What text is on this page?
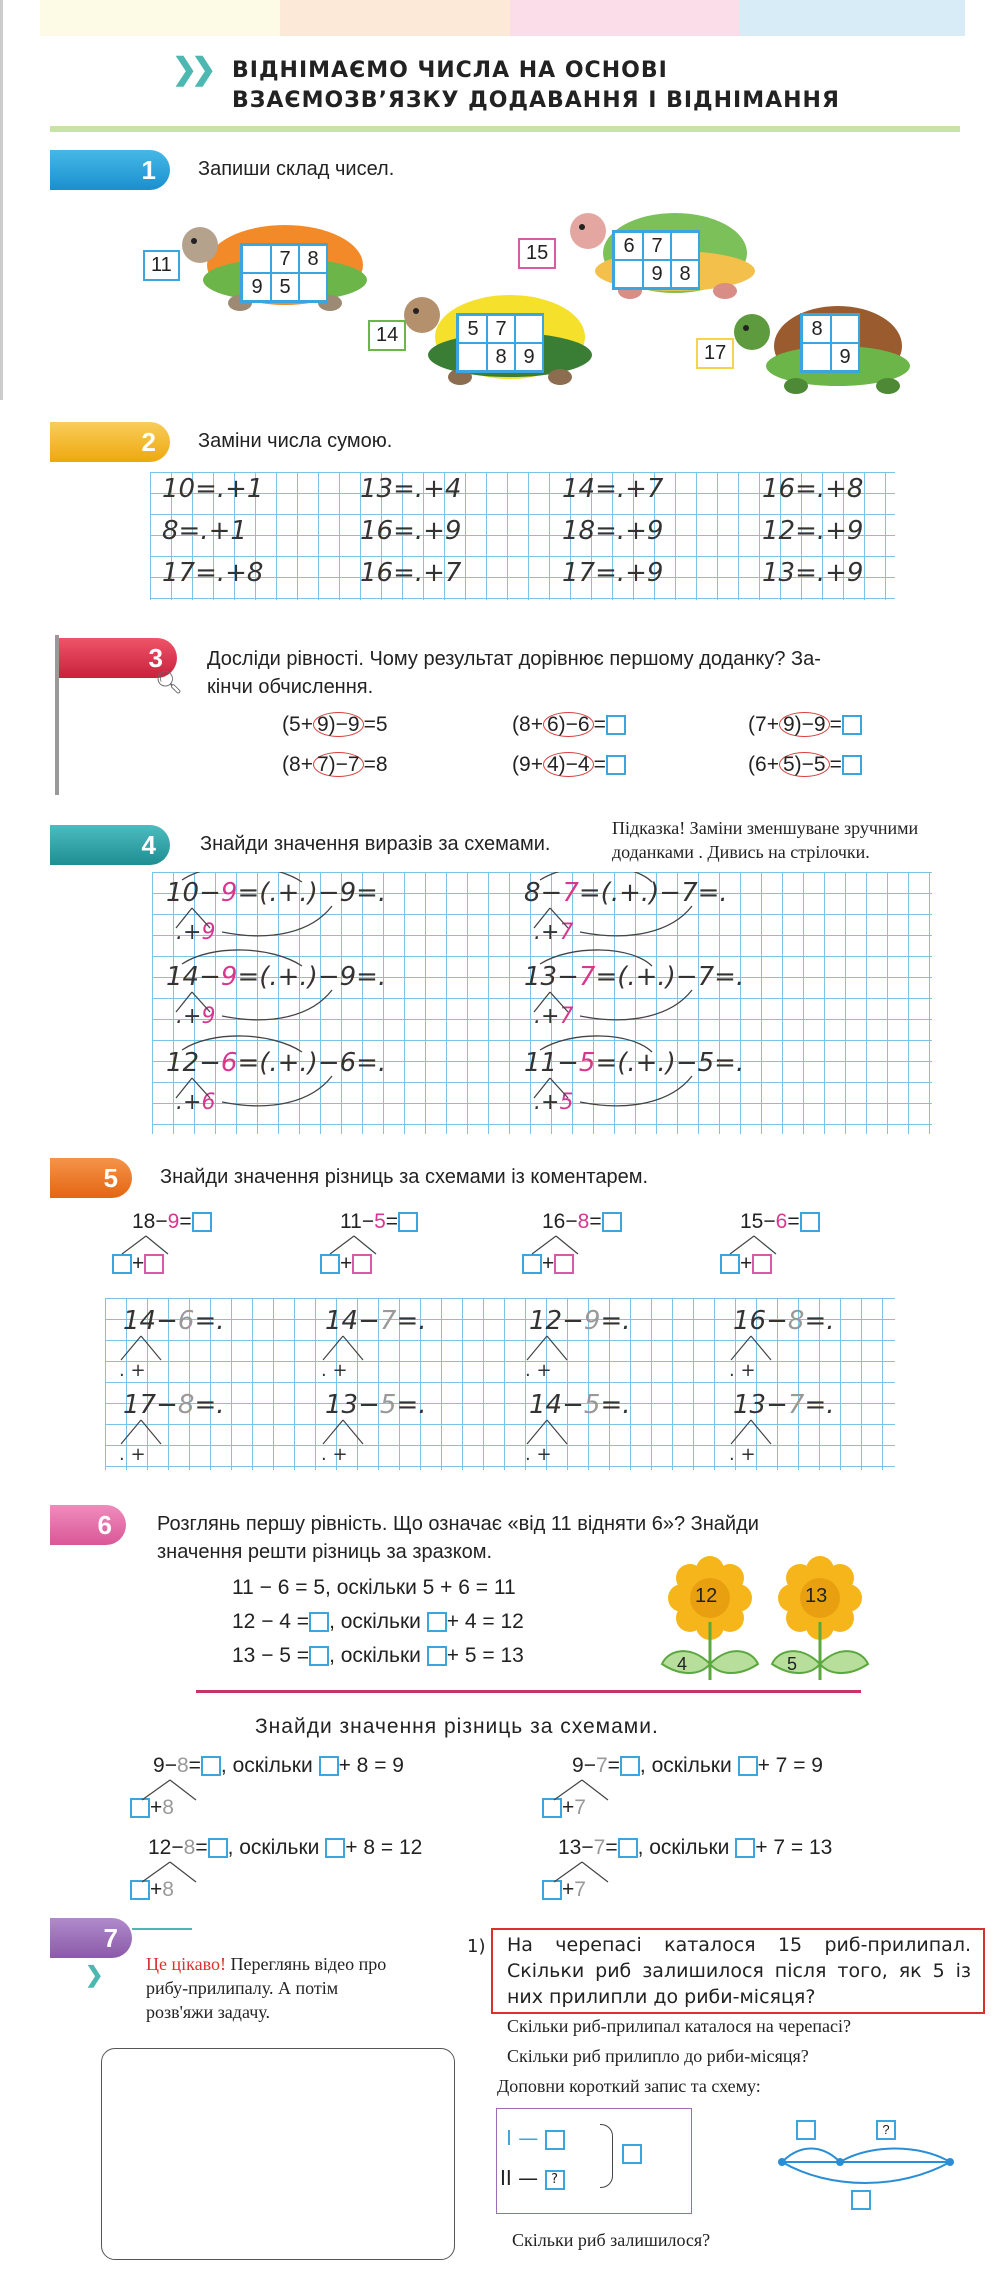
❯❯ ВІДНІМАЄМО ЧИСЛА НА ОСНОВІ
ВЗАЄМОЗВ’ЯЗКУ ДОДАВАННЯ І ВІДНІМАННЯ
1 Запиши склад чисел.
11	7 8
9 5
14	5 7
8 9
15	6 7
9 8
17
8
9
2 Заміни числа сумою.
10=.+1	13=.+4	14=.+7	16=.+8
8=.+1	16=.+9	18=.+9	12=.+9
17=.+8	16=.+7	17=.+9	13=.+9
3
🔍︎
Досліди рівності. Чому результат дорівнює першому доданку? За-
кінчи обчислення.
(5+ 9)−9 =5	(8+ 6)−6 =	(7+ 9)−9 =
(8+ 7)−7 =8	(9+ 4)−4 =	(6+ 5)−5 =
4 Знайди значення виразів за схемами.
Підказка! Заміни зменшуване зручними
доданками . Дивись на стрілочки.
10−9=(.+.)−9=.
.+9
8−7=(.+.)−7=.
.+7
14−9=(.+.)−9=.
.+9
13−7=(.+.)−7=.
.+7
12−6=(.+.)−6=.
.+6
11−5=(.+.)−5=.
.+5
5 Знайди значення різниць за схемами із коментарем.
18−9=
+
11−5=
+
16−8=
+
15−6=
+
14−6=.	14−7=.	12−9=.	16−8=.
17−8=.	13−5=.	14−5=.	13−7=.
. +	. +	. +	. +
. +	. +	. +	. +
6 Розглянь першу рівність. Що означає «від 11 відняти 6»? Знайди
значення решти різниць за зразком.
11 − 6 = 5, оскільки 5 + 6 = 11
12 − 4 = , оскільки + 4 = 12
13 − 5 = , оскільки + 5 = 13
12	13
4	5
Знайди значення різниць за схемами.
9−8= , оскільки + 8 = 9
+8
9−7= , оскільки + 7 = 9
+7
12−8= , оскільки + 8 = 12
+8
13−7= , оскільки + 7 = 13
+7
7
❯ Це цікаво! Переглянь відео про рибу-прилипалу. А потім розв'яжи задачу.
1) На черепасі каталося 15 риб-прилипал. Скільки риб залишилося після того, як 5 із них прилипли до риби-місяця?
Скільки риб-прилипал каталося на черепасі?
Скільки риб прилипло до риби-місяця?
Доповни короткий запис та схему:
І —
ІІ — ?
?
Скільки риб залишилося?
